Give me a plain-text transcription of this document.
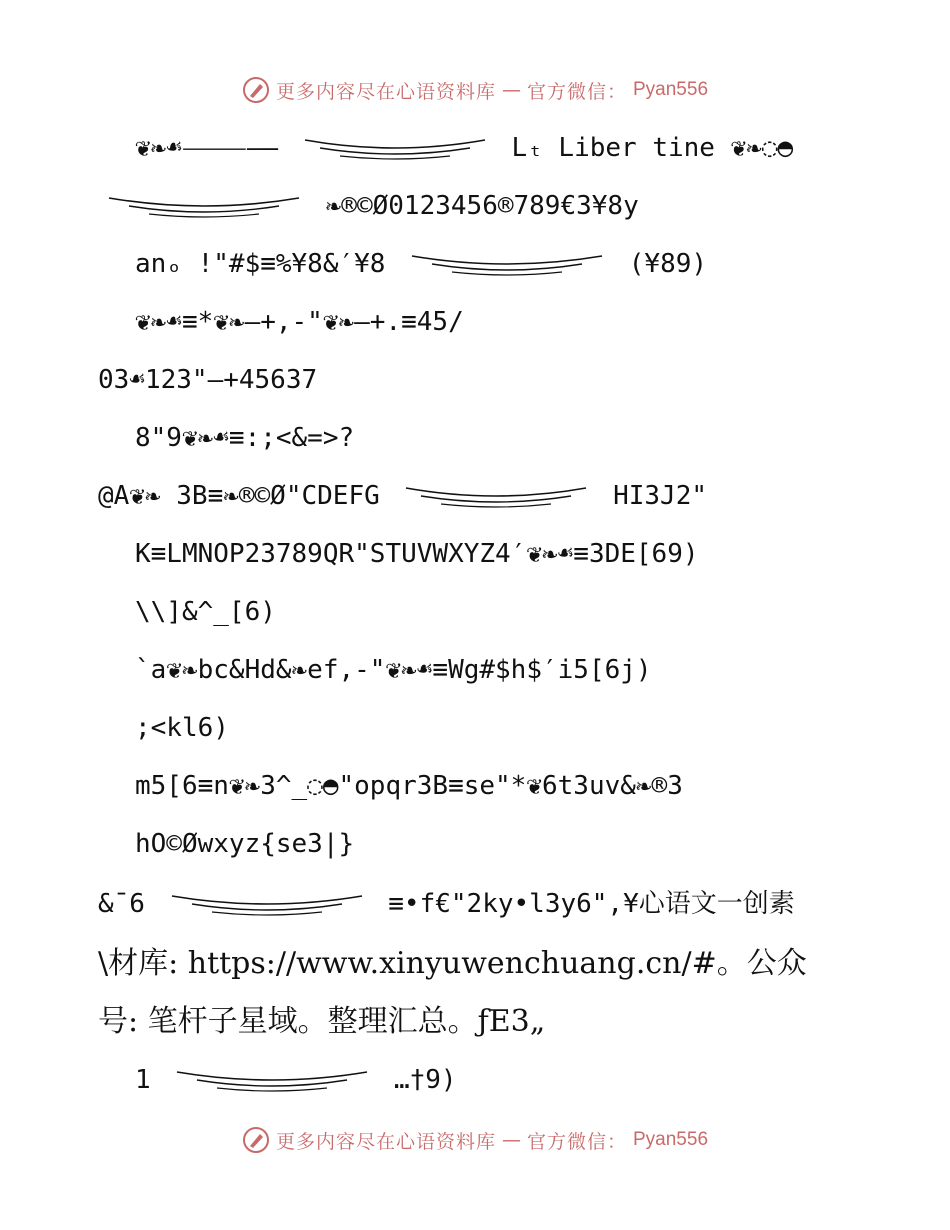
更多内容尽在心语资料库 — 官方微信： Pyan556
❦❧☙⸻——	Lₜ Liber tine ❦❧◌◓
❧®©Ø0123456®789€3¥8y
anₒ !"#$≡%¥8&′¥8	(¥89)
❦❧☙≡*❦❧—+,-"❦❧—+.≡45/
03☙123"—+45637
8"9❦❧☙≡:;<&=>?
@A❦❧ 3B≡❧®©Ø"CDEFG	HI3J2"
K≡LMNOP23789QR"STUVWXYZ4′❦❧☙≡3DE[69)
\\]&^_[6)
`a❦❧bc&Hd&❧ef,-"❦❧☙≡Wg#$h$′i5[6j)
;<kl6)
m5[6≡n❦❧3^_◌◓"opqr3B≡se"*❦6t3uv&❧®3
hO©Øwxyz{se3|}
&¯6	≡•f€"2ky•l3y6",¥心语文一创素
\材库: https://www.xinyuwenchuang.cn/#。公众
号: 笔杆子星域。整理汇总。ƒE3„
1	…†9)
更多内容尽在心语资料库 — 官方微信： Pyan556
